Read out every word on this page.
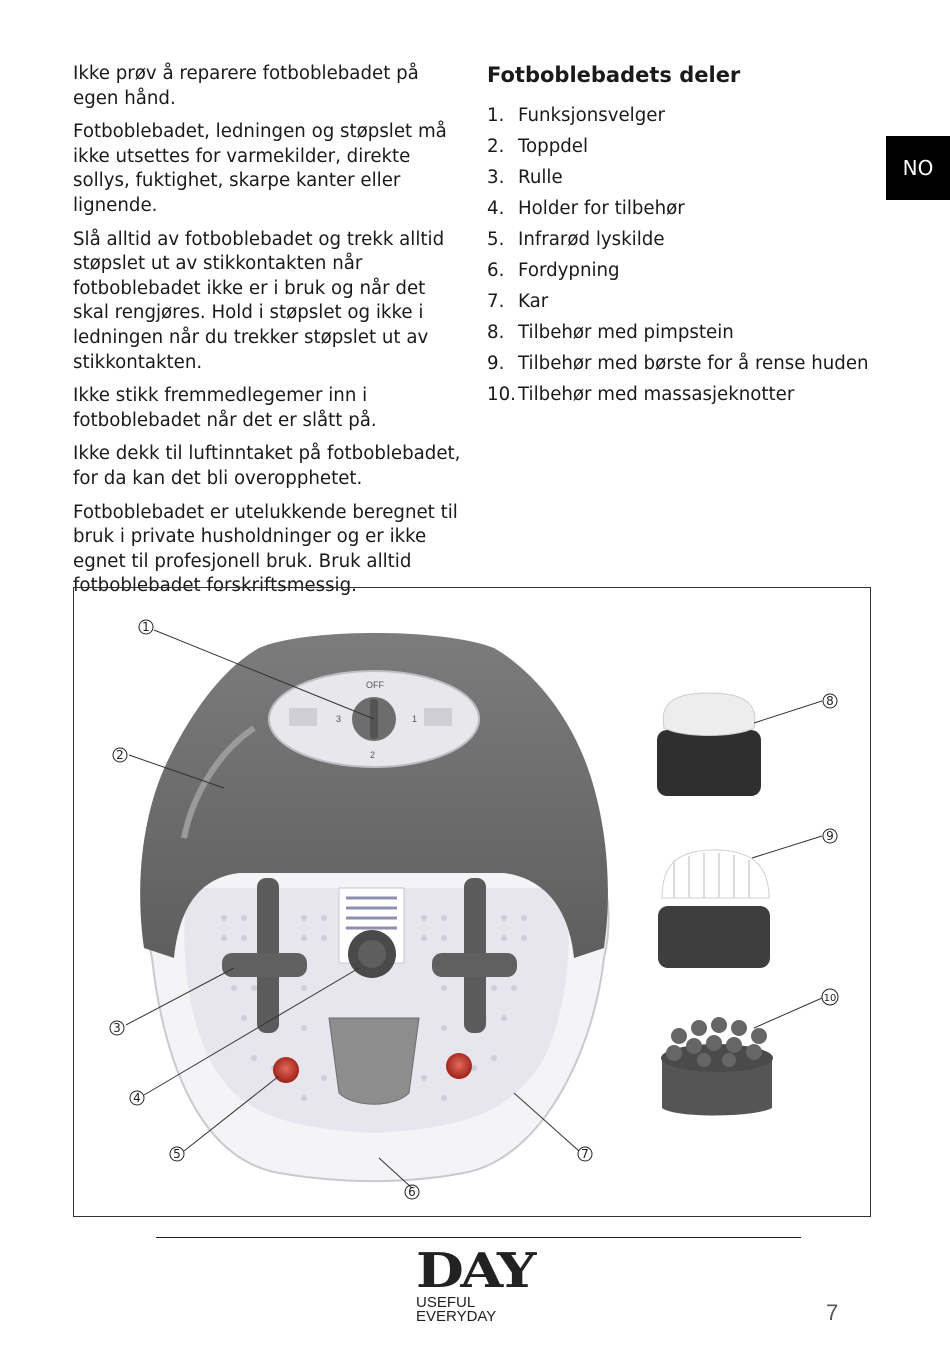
Ikke prøv å reparere fotboblebadet på egen hånd.

Fotboblebadet, ledningen og støpslet må ikke utsettes for varmekilder, direkte sollys, fuktighet, skarpe kanter eller lignende.

Slå alltid av fotboblebadet og trekk alltid støpslet ut av stikkontakten når fotboblebadet ikke er i bruk og når det skal rengjøres. Hold i støpslet og ikke i ledningen når du trekker støpslet ut av stikkontakten.

Ikke stikk fremmedlegemer inn i fotboblebadet når det er slått på.

Ikke dekk til luftinntaket på fotboblebadet, for da kan det bli overopphetet.

Fotboblebadet er utelukkende beregnet til bruk i private husholdninger og er ikke egnet til profesjonell bruk. Bruk alltid fotboblebadet forskriftsmessig.

Fotboblebadets deler
1. Funksjonsvelger
2. Toppdel
3. Rulle
4. Holder for tilbehør
5. Infrarød lyskilde
6. Fordypning
7. Kar
8. Tilbehør med pimpstein
9. Tilbehør med børste for å rense huden
10. Tilbehør med massasjeknotter
NO
OFF
1
2
3
1
2
3
4
5
6
7
8
9
10
DAY
USEFUL
EVERYDAY	7
